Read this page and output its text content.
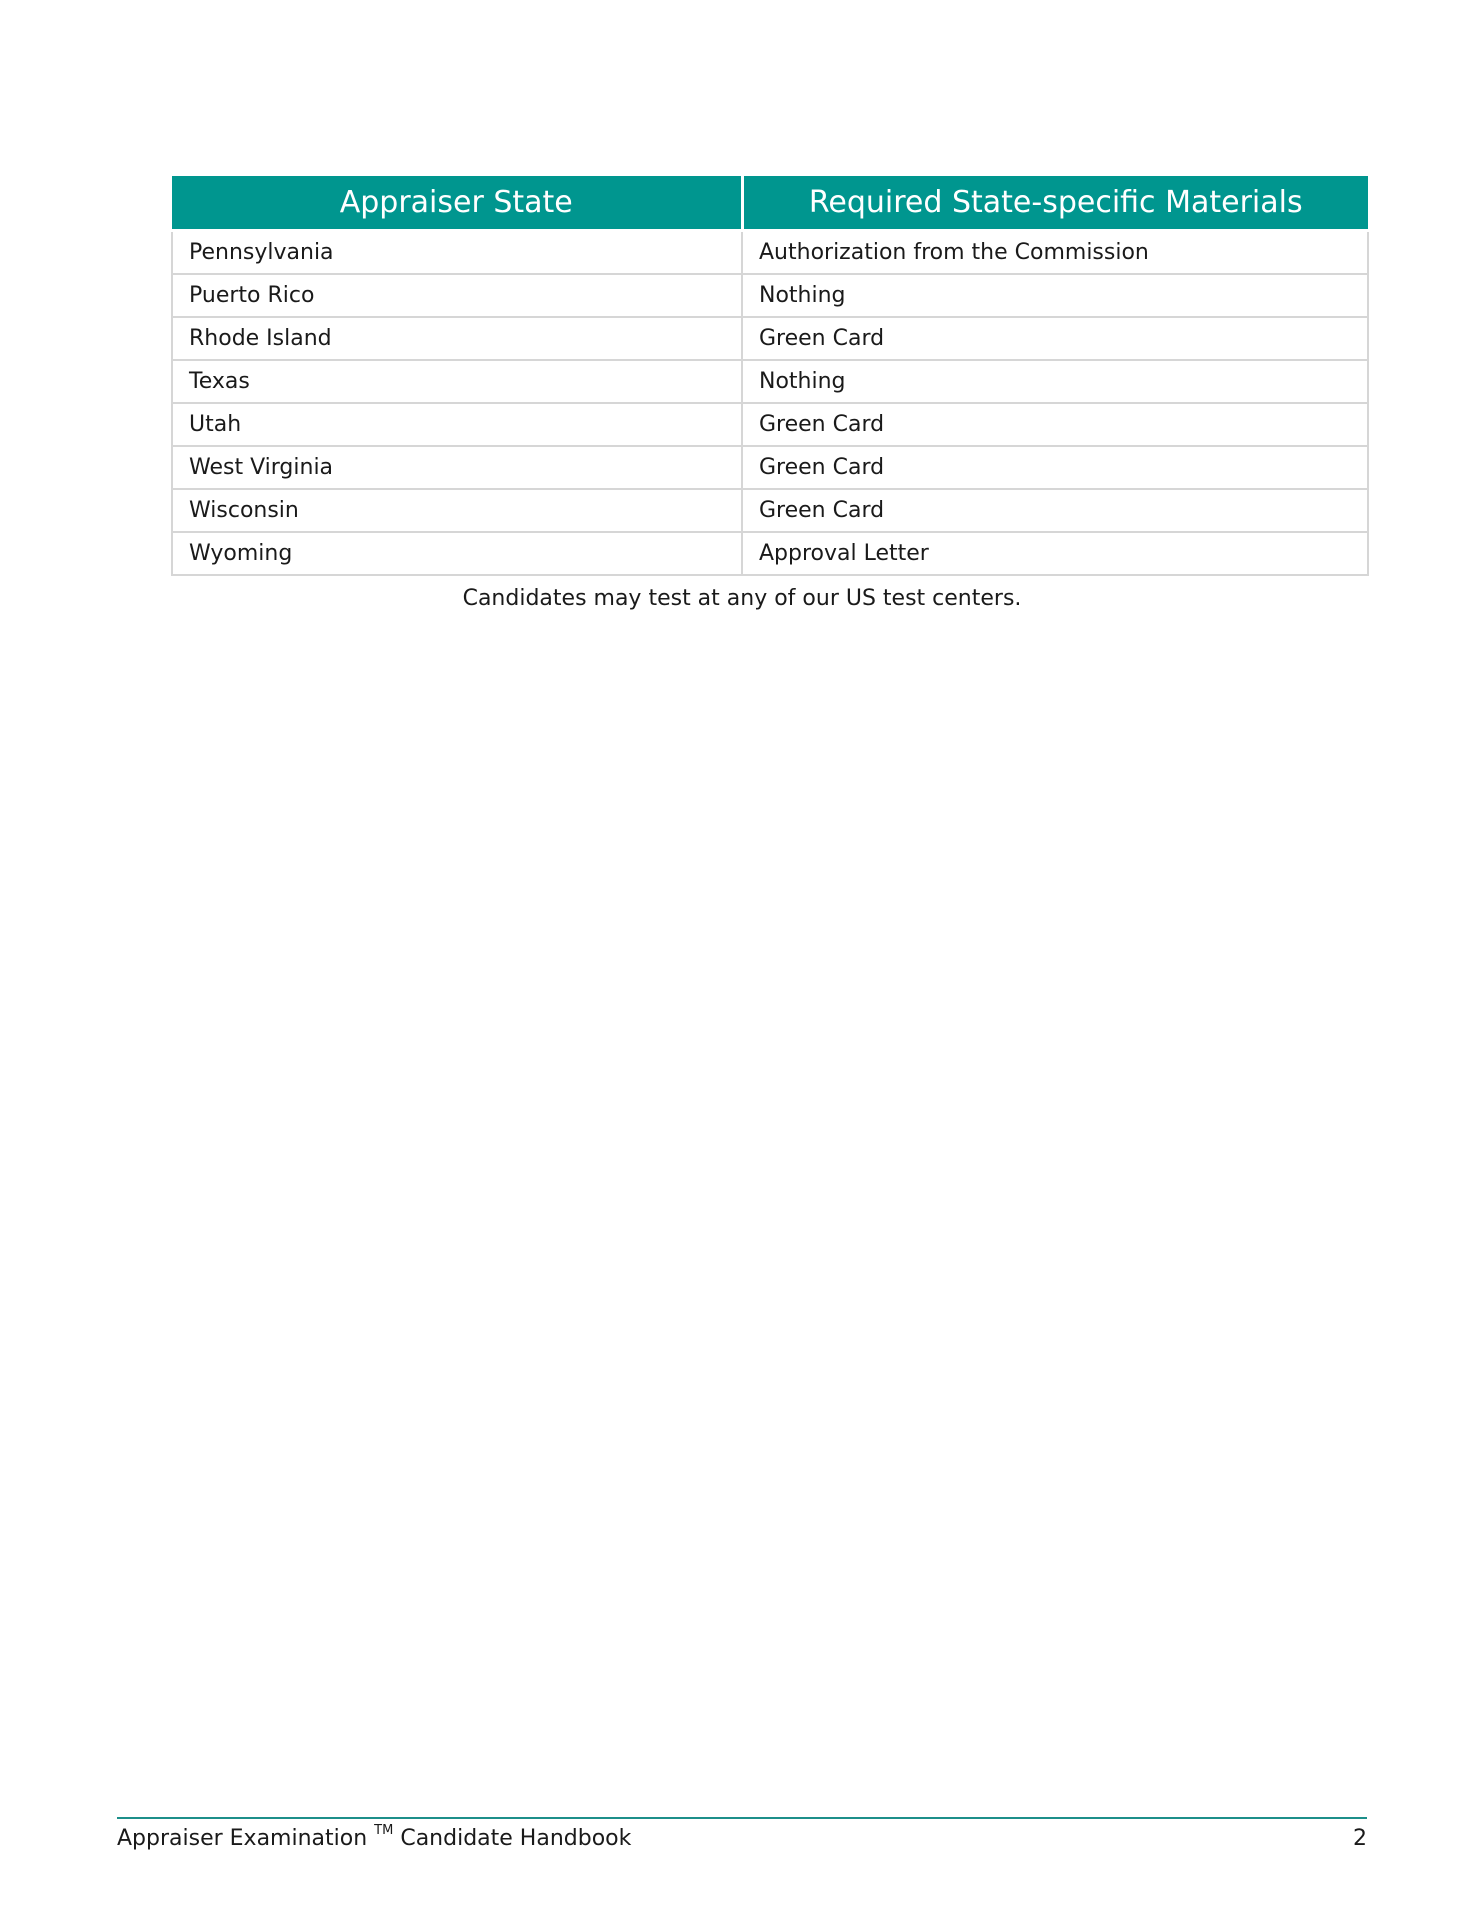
Appraiser State	Required State-specific Materials
Pennsylvania	Authorization from the Commission
Puerto Rico	Nothing
Rhode Island	Green Card
Texas	Nothing
Utah	Green Card
West Virginia	Green Card
Wisconsin	Green Card
Wyoming	Approval Letter
Candidates may test at any of our US test centers.
Appraiser Examination ™ Candidate Handbook	2
